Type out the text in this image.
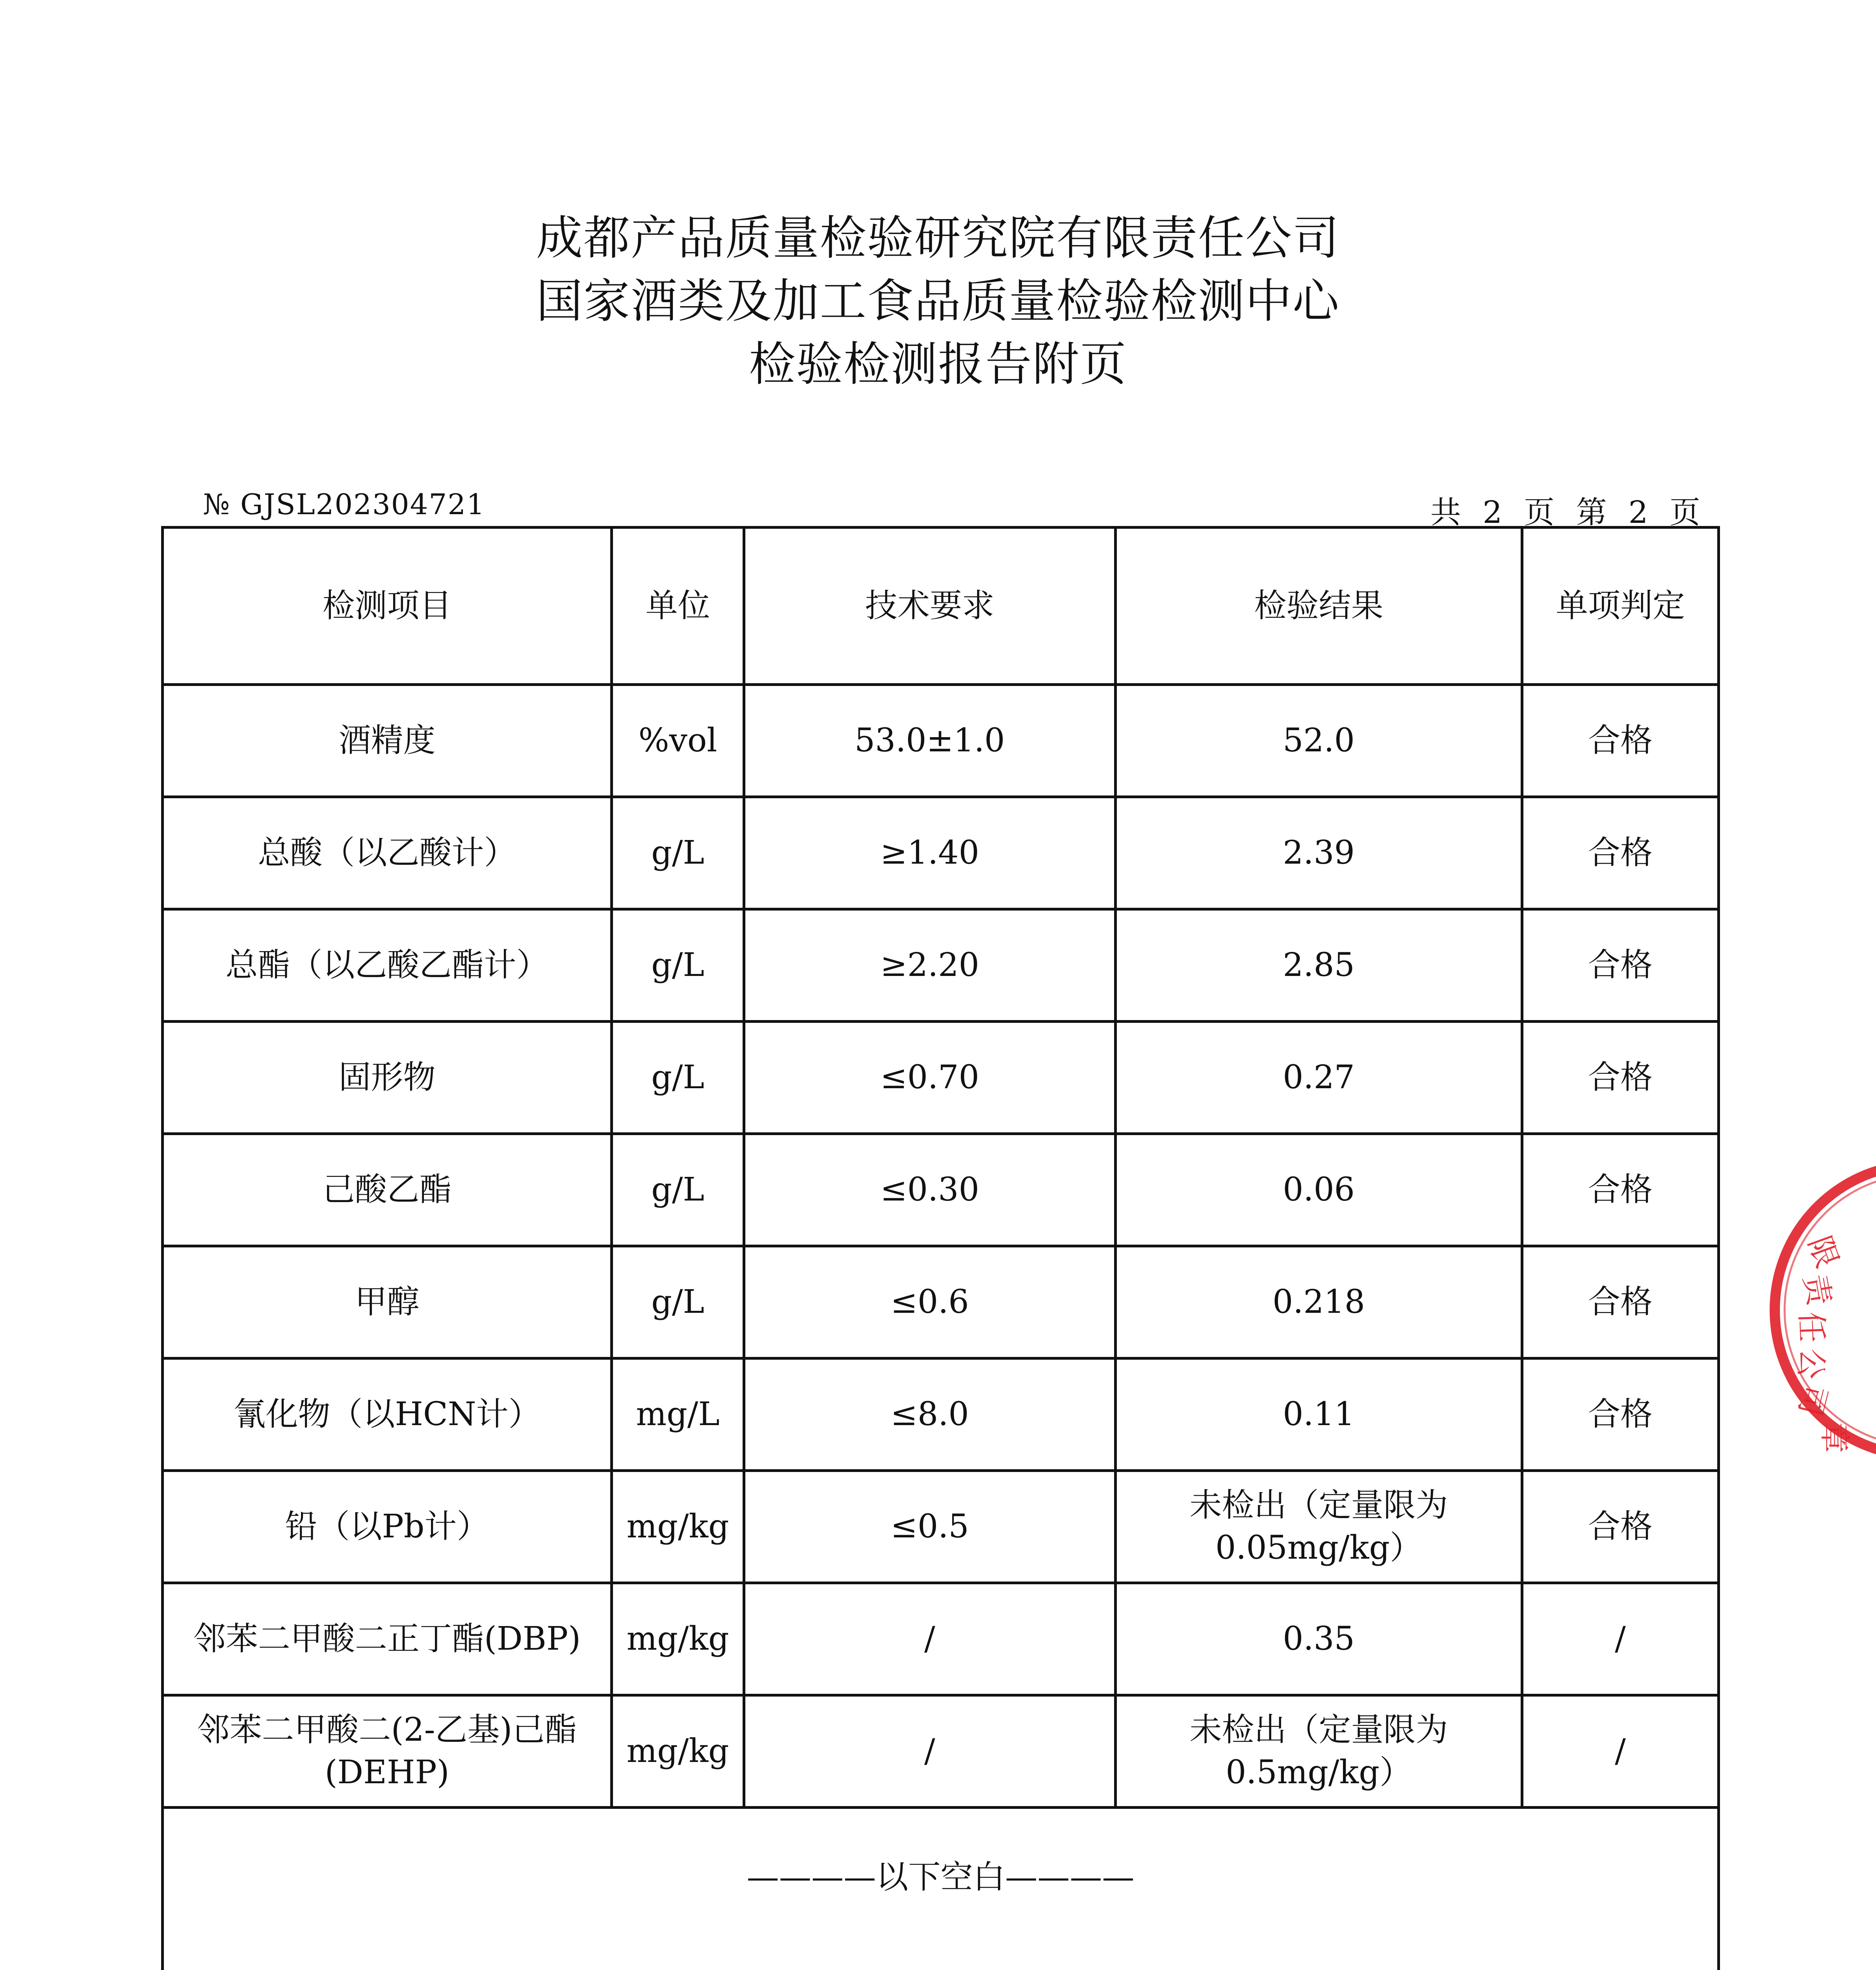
成都产品质量检验研究院有限责任公司
国家酒类及加工食品质量检验检测中心
检验检测报告附页
№ GJSL202304721	共 2 页 第 2 页
检测项目	单位	技术要求	检验结果	单项判定
酒精度	%vol	53.0±1.0	52.0	合格
总酸（以乙酸计）	g/L	≥1.40	2.39	合格
总酯（以乙酸乙酯计）	g/L	≥2.20	2.85	合格
固形物	g/L	≤0.70	0.27	合格
己酸乙酯	g/L	≤0.30	0.06	合格
甲醇	g/L	≤0.6	0.218	合格
氰化物（以HCN计）	mg/L	≤8.0	0.11	合格
铅（以Pb计）	mg/kg	≤0.5	未检出（定量限为 0.05mg/kg）	合格
邻苯二甲酸二正丁酯(DBP)	mg/kg	/	0.35	/
邻苯二甲酸二(2-乙基)己酯 (DEHP)	mg/kg	/	未检出（定量限为 0.5mg/kg）	/
————以下空白————				
限
责
任
公
司
章
